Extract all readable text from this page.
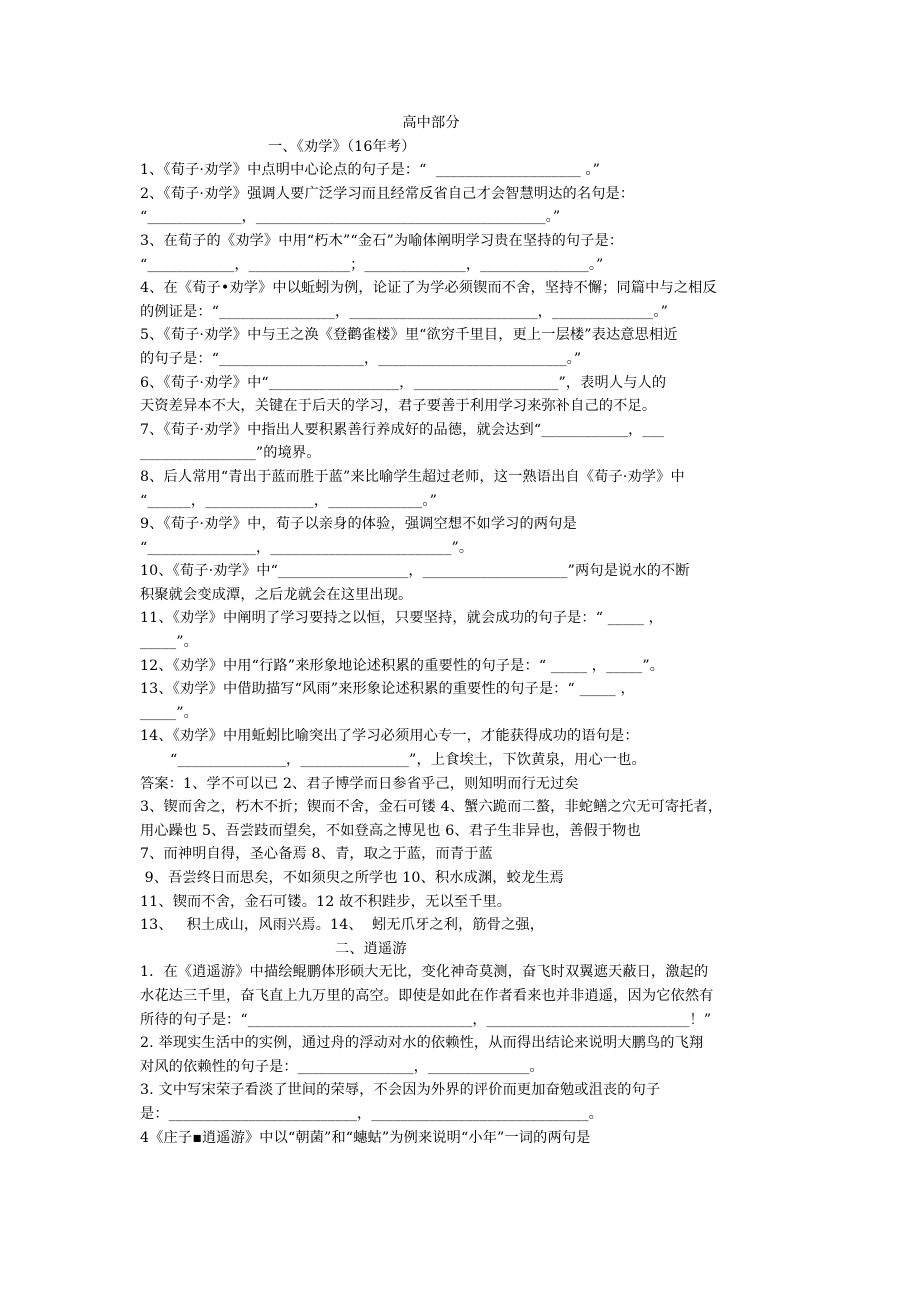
高中部分

一、《劝学》（16年考）

1、《荀子·劝学》中点明中心论点的句子是：“  ____________________ 。”

2、《荀子·劝学》强调人要广泛学习而且经常反省自己才会智慧明达的名句是：

“_____________，________________________________________。”

3、在荀子的《劝学》中用“朽木”“金石”为喻体阐明学习贵在坚持的句子是：

“____________，______________；______________，_______________。”

4、在《荀子•劝学》中以蚯蚓为例，论证了为学必须锲而不舍，坚持不懈；同篇中与之相反

的例证是：“________________，__________________________，______________。”

5、《荀子·劝学》中与王之涣《登鹳雀楼》里“欲穷千里目，更上一层楼”表达意思相近

的句子是：“____________________，__________________________。”

6、《荀子·劝学》中“__________________，____________________”，表明人与人的

天资差异本不大，关键在于后天的学习，君子要善于利用学习来弥补自己的不足。

7、《荀子·劝学》中指出人要积累善行养成好的品德，就会达到“____________，___

________________”的境界。

8、后人常用“青出于蓝而胜于蓝”来比喻学生超过老师，这一熟语出自《荀子·劝学》中

“______，_______________，_____________。”

9、《荀子·劝学》中，荀子以亲身的体验，强调空想不如学习的两句是

“_______________，_________________________”。

10、《荀子·劝学》中“__________________，____________________”两句是说水的不断

积聚就会变成潭，之后龙就会在这里出现。

11、《劝学》中阐明了学习要持之以恒，只要坚持，就会成功的句子是：“ _____ ，

_____”。

12、《劝学》中用“行路”来形象地论述积累的重要性的句子是：“ _____ ，_____”。

13、《劝学》中借助描写“风雨”来形象论述积累的重要性的句子是：“ _____ ，

_____”。

14、《劝学》中用蚯蚓比喻突出了学习必须用心专一，才能获得成功的语句是：

“_______________，_______________”，上食埃土，下饮黄泉，用心一也。

答案：1、学不可以已 2、君子博学而日参省乎己，则知明而行无过矣

3、锲而舍之，朽木不折；锲而不舍，金石可镂 4、蟹六跪而二螯，非蛇鳝之穴无可寄托者，

用心躁也 5、吾尝跂而望矣，不如登高之博见也 6、君子生非异也，善假于物也

7、而神明自得，圣心备焉 8、青，取之于蓝，而青于蓝

9、吾尝终日而思矣，不如须臾之所学也 10、积水成渊，蛟龙生焉

11、锲而不舍，金石可镂。12 故不积跬步，无以至千里。

13、   积土成山，风雨兴焉。14、  蚓无爪牙之利，筋骨之强，

二、逍遥游

1．在《逍遥游》中描绘鲲鹏体形硕大无比，变化神奇莫测，奋飞时双翼遮天蔽日，激起的

水花达三千里，奋飞直上九万里的高空。即使是如此在作者看来也并非逍遥，因为它依然有

所待的句子是：“_______________________________，____________________________！”

2. 举现实生活中的实例，通过舟的浮动对水的依赖性，从而得出结论来说明大鹏鸟的飞翔

对风的依赖性的句子是：________________，______________。

3. 文中写宋荣子看淡了世间的荣辱，不会因为外界的评价而更加奋勉或沮丧的句子

是：__________________________，______________________________。

4《庄子▪逍遥游》中以“朝菌”和“蟪蛄”为例来说明“小年”一词的两句是
